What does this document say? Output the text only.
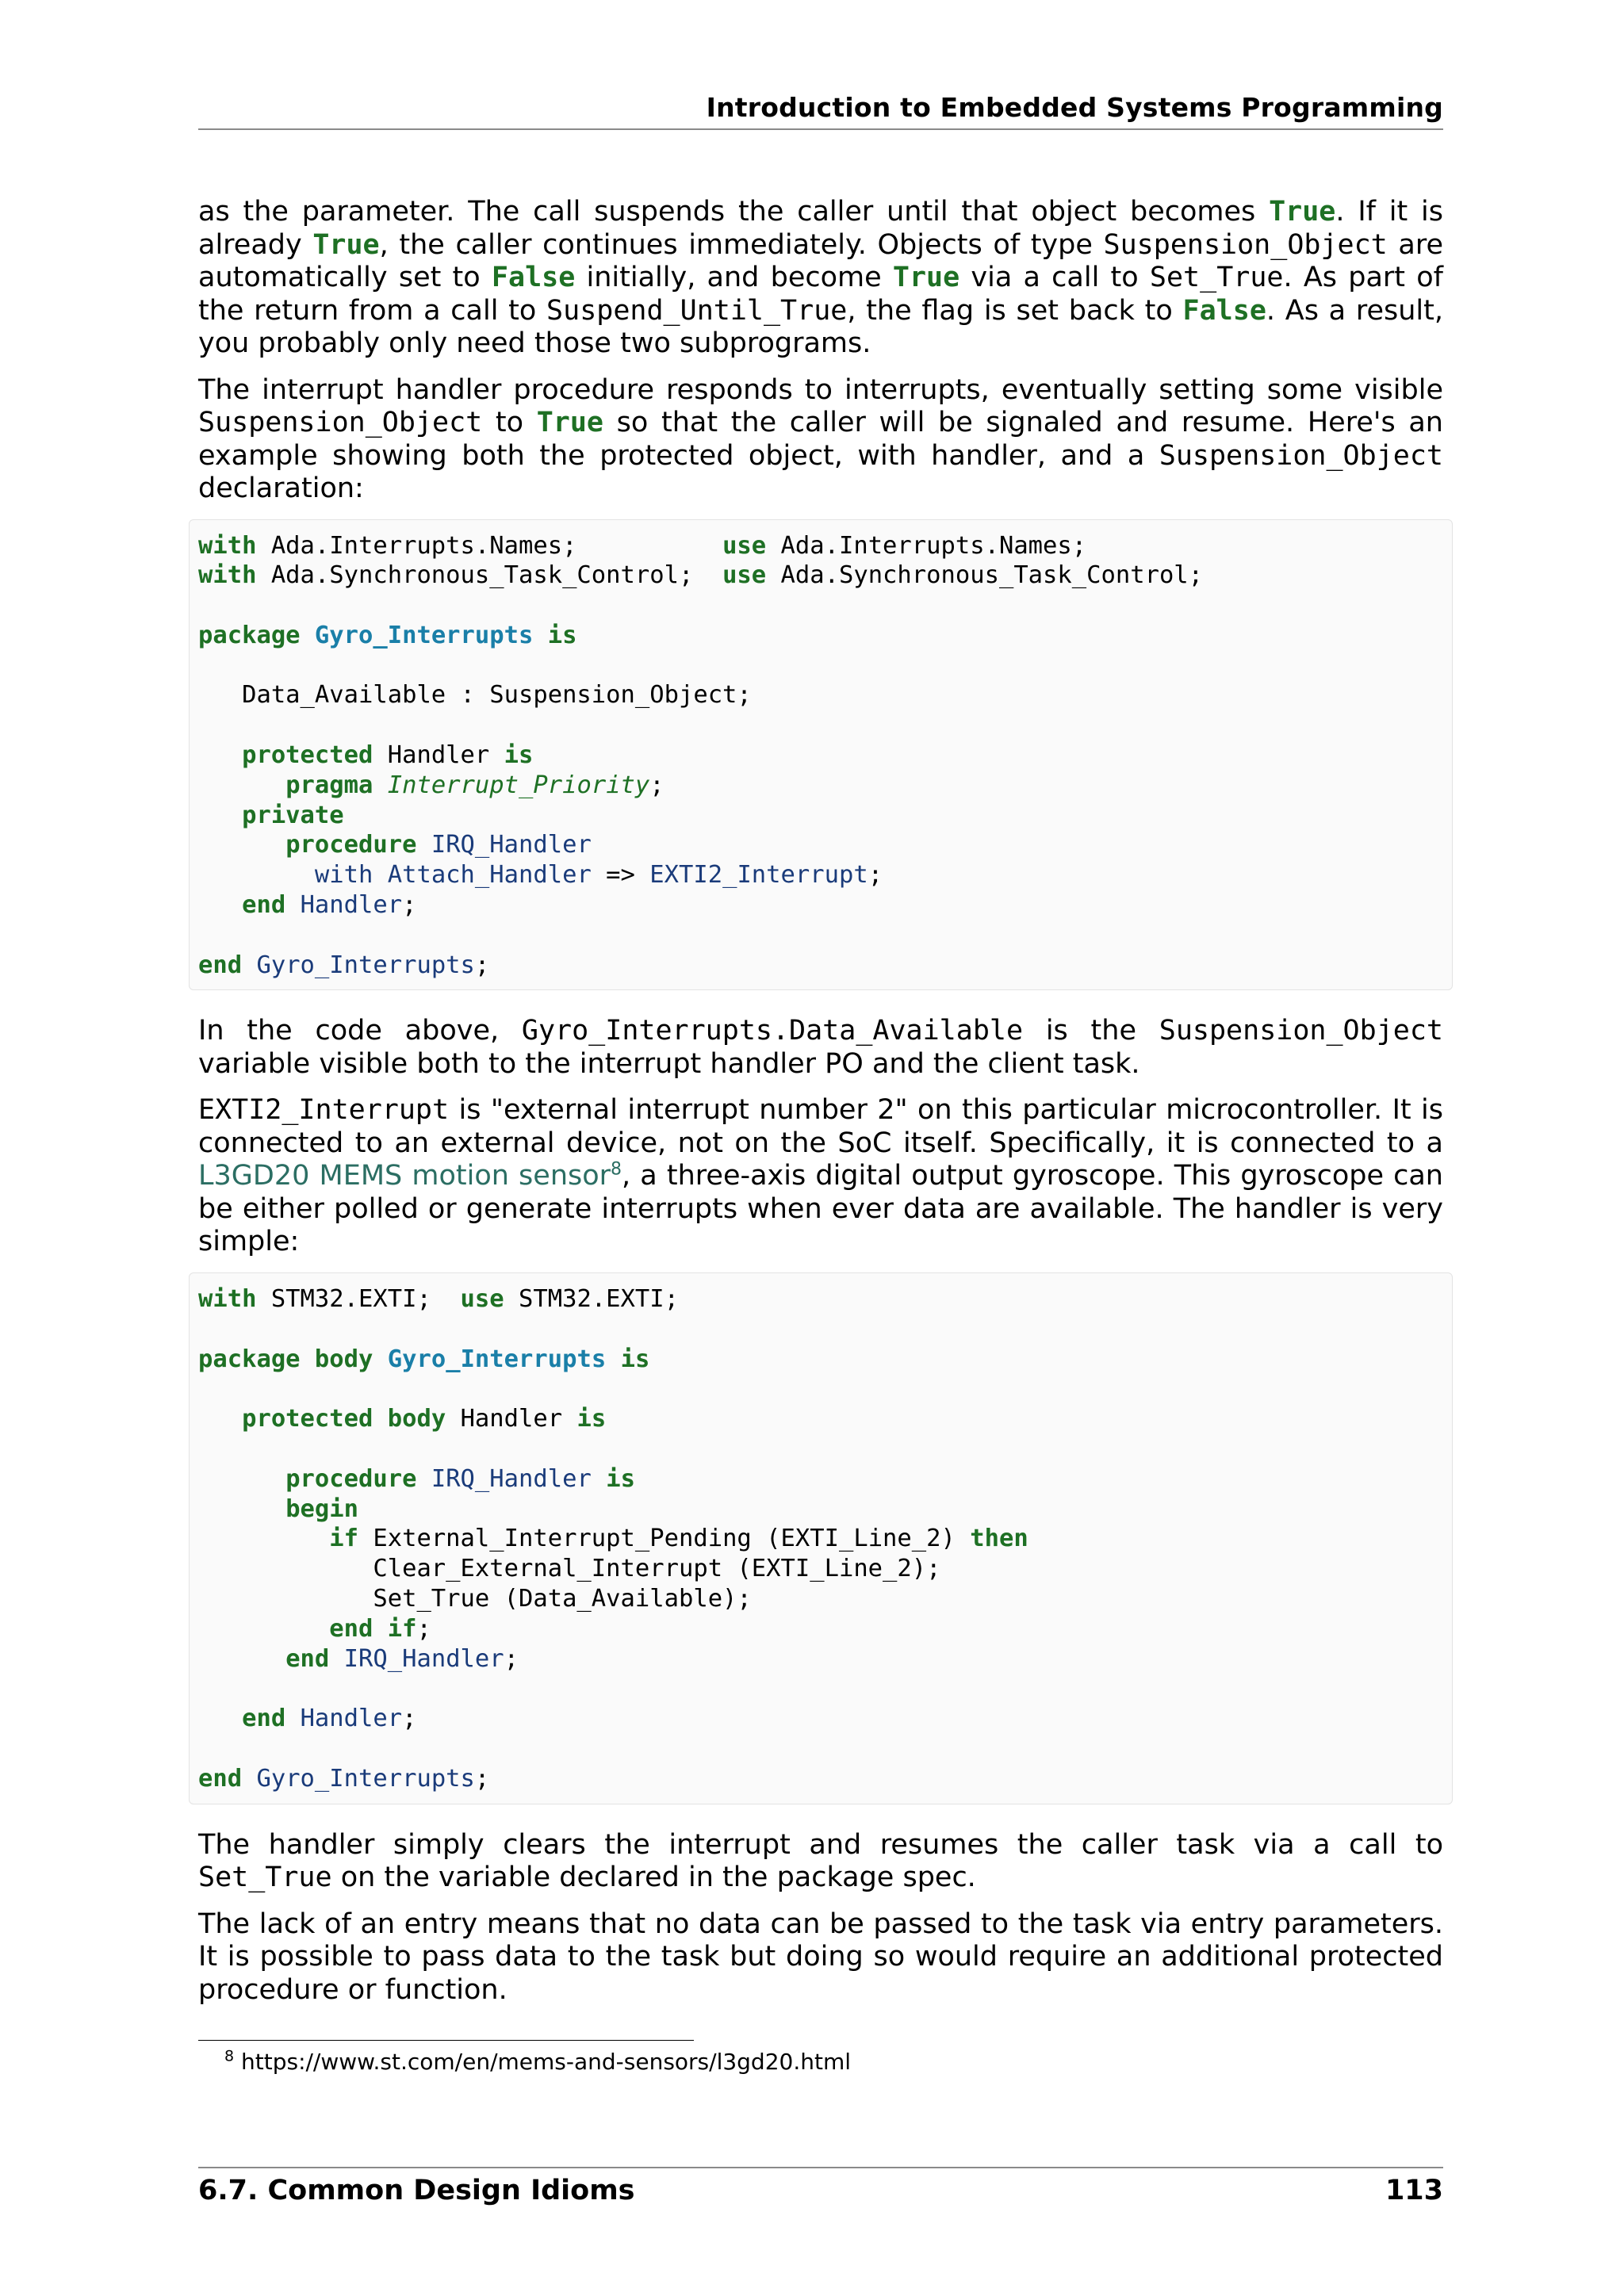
Introduction to Embedded Systems Programming

as the parameter. The call suspends the caller until that object becomes True. If it is already True, the caller continues immediately. Objects of type Suspension_Object are automatically set to False initially, and become True via a call to Set_True. As part of the return from a call to Suspend_Until_True, the flag is set back to False. As a result, you probably only need those two subprograms.

The interrupt handler procedure responds to interrupts, eventually setting some visible Suspension_Object to True so that the caller will be signaled and resume. Here's an example showing both the protected object, with handler, and a Suspension_Object declaration:

with Ada.Interrupts.Names;          use Ada.Interrupts.Names;
with Ada.Synchronous_Task_Control;  use Ada.Synchronous_Task_Control;

package Gyro_Interrupts is

Data_Available : Suspension_Object;

protected Handler is
pragma Interrupt_Priority;
private
procedure IRQ_Handler
with Attach_Handler => EXTI2_Interrupt;
end Handler;

end Gyro_Interrupts;

In the code above, Gyro_Interrupts.Data_Available is the Suspension_Object variable visible both to the interrupt handler PO and the client task.

EXTI2_Interrupt is "external interrupt number 2" on this particular microcontroller. It is connected to an external device, not on the SoC itself. Specifically, it is connected to a L3GD20 MEMS motion sensor$^8$, a three-axis digital output gyroscope. This gyroscope can be either polled or generate interrupts when ever data are available. The handler is very simple:

with STM32.EXTI;  use STM32.EXTI;

package body Gyro_Interrupts is

protected body Handler is

procedure IRQ_Handler is
begin
if External_Interrupt_Pending (EXTI_Line_2) then
Clear_External_Interrupt (EXTI_Line_2);
Set_True (Data_Available);
end if;
end IRQ_Handler;

end Handler;

end Gyro_Interrupts;

The handler simply clears the interrupt and resumes the caller task via a call to Set_True on the variable declared in the package spec.

The lack of an entry means that no data can be passed to the task via entry parameters. It is possible to pass data to the task but doing so would require an additional protected procedure or function.

$^8$ https://www.st.com/en/mems-and-sensors/l3gd20.html
6.7. Common Design Idioms	113
